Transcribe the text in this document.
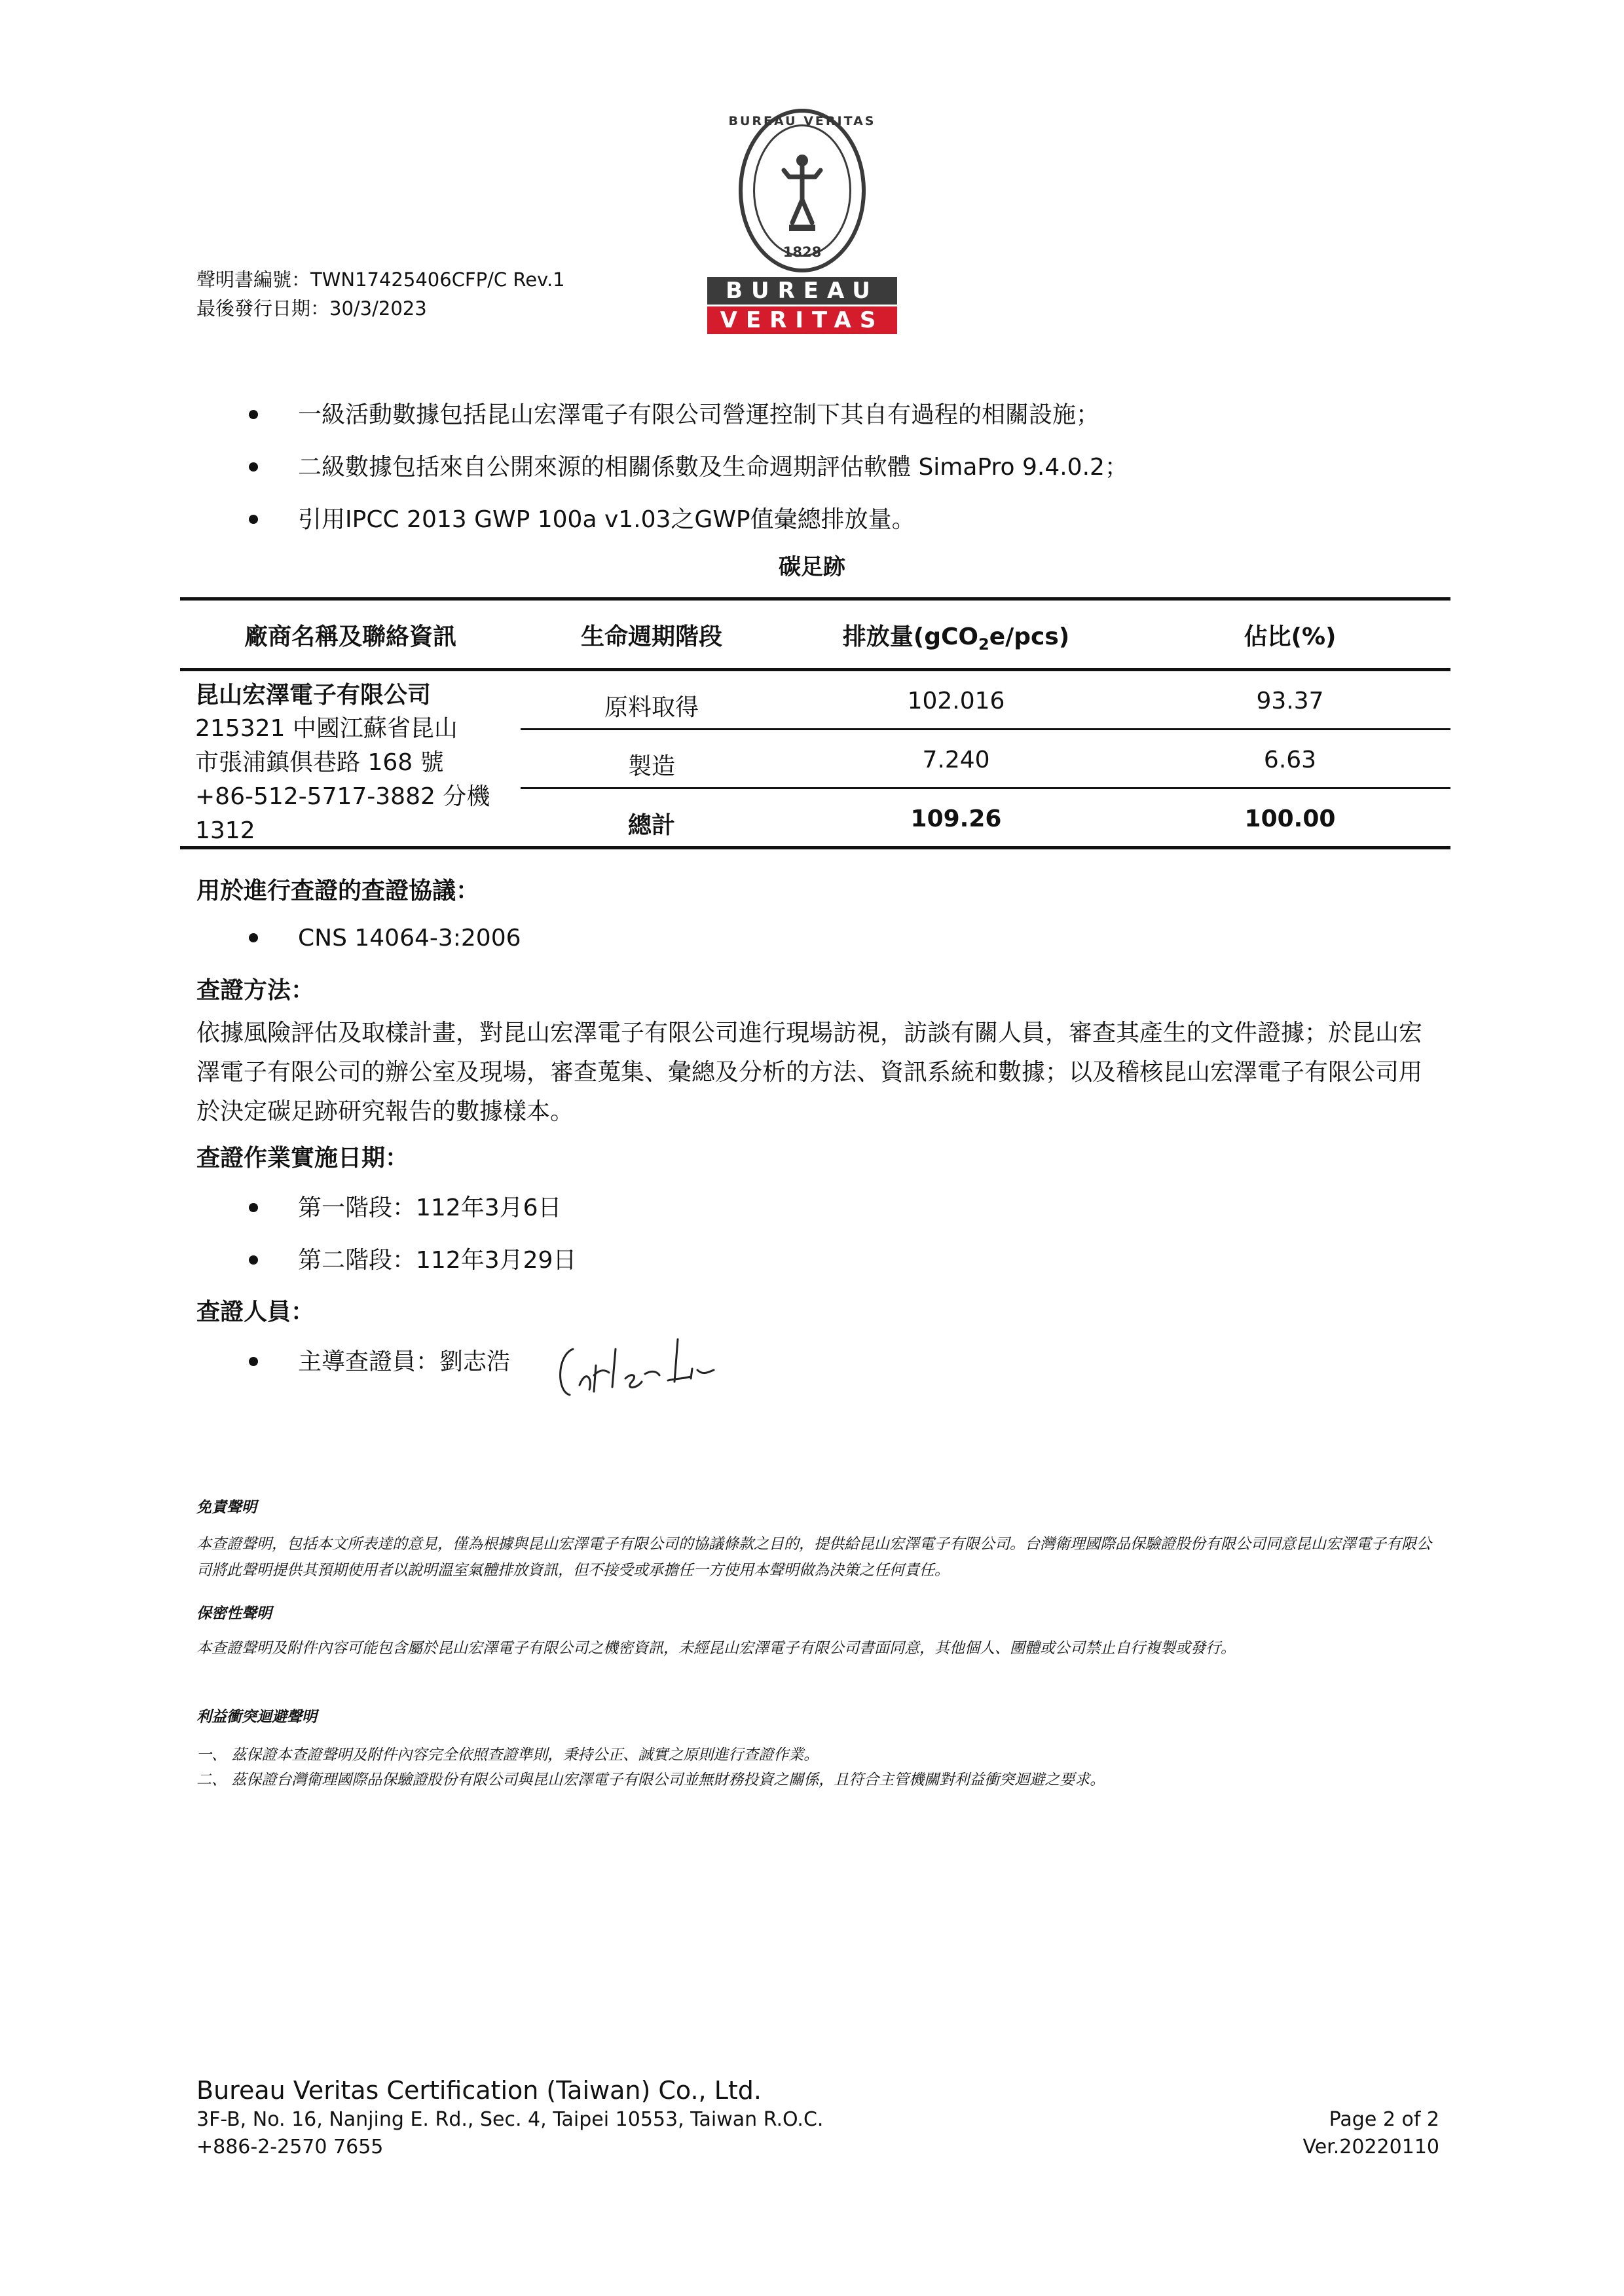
聲明書編號：TWN17425406CFP/C Rev.1
最後發行日期：30/3/2023
BUREAU VERITAS
1828
BUREAU
VERITAS
一級活動數據包括昆山宏澤電子有限公司營運控制下其自有過程的相關設施；
二級數據包括來自公開來源的相關係數及生命週期評估軟體 SimaPro 9.4.0.2；
引用IPCC 2013 GWP 100a v1.03之GWP值彙總排放量。
碳足跡
廠商名稱及聯絡資訊	生命週期階段	排放量(gCO$_2$e/pcs)	佔比(%)
昆山宏澤電子有限公司
215321 中國江蘇省昆山
市張浦鎮俱巷路 168 號
+86-512-5717-3882 分機
1312
原料取得	102.016	93.37
製造	7.240	6.63
總計	109.26	100.00
用於進行查證的查證協議：
CNS 14064-3:2006
查證方法：
依據風險評估及取樣計畫，對昆山宏澤電子有限公司進行現場訪視，訪談有關人員，審查其產生的文件證據；於昆山宏澤電子有限公司的辦公室及現場，審查蒐集、彙總及分析的方法、資訊系統和數據；以及稽核昆山宏澤電子有限公司用於決定碳足跡研究報告的數據樣本。
查證作業實施日期：
第一階段：112年3月6日
第二階段：112年3月29日
查證人員：
主導查證員：劉志浩
免責聲明
本查證聲明，包括本文所表達的意見，僅為根據與昆山宏澤電子有限公司的協議條款之目的，提供給昆山宏澤電子有限公司。台灣衛理國際品保驗證股份有限公司同意昆山宏澤電子有限公司將此聲明提供其預期使用者以說明溫室氣體排放資訊，但不接受或承擔任一方使用本聲明做為決策之任何責任。
保密性聲明
本查證聲明及附件內容可能包含屬於昆山宏澤電子有限公司之機密資訊，未經昆山宏澤電子有限公司書面同意，其他個人、團體或公司禁止自行複製或發行。
利益衝突迴避聲明
一、 茲保證本查證聲明及附件內容完全依照查證準則，秉持公正、誠實之原則進行查證作業。
二、 茲保證台灣衛理國際品保驗證股份有限公司與昆山宏澤電子有限公司並無財務投資之關係，且符合主管機關對利益衝突迴避之要求。
Bureau Veritas Certification (Taiwan) Co., Ltd.
3F-B, No. 16, Nanjing E. Rd., Sec. 4, Taipei 10553, Taiwan R.O.C.
+886-2-2570 7655
Page 2 of 2
Ver.20220110
